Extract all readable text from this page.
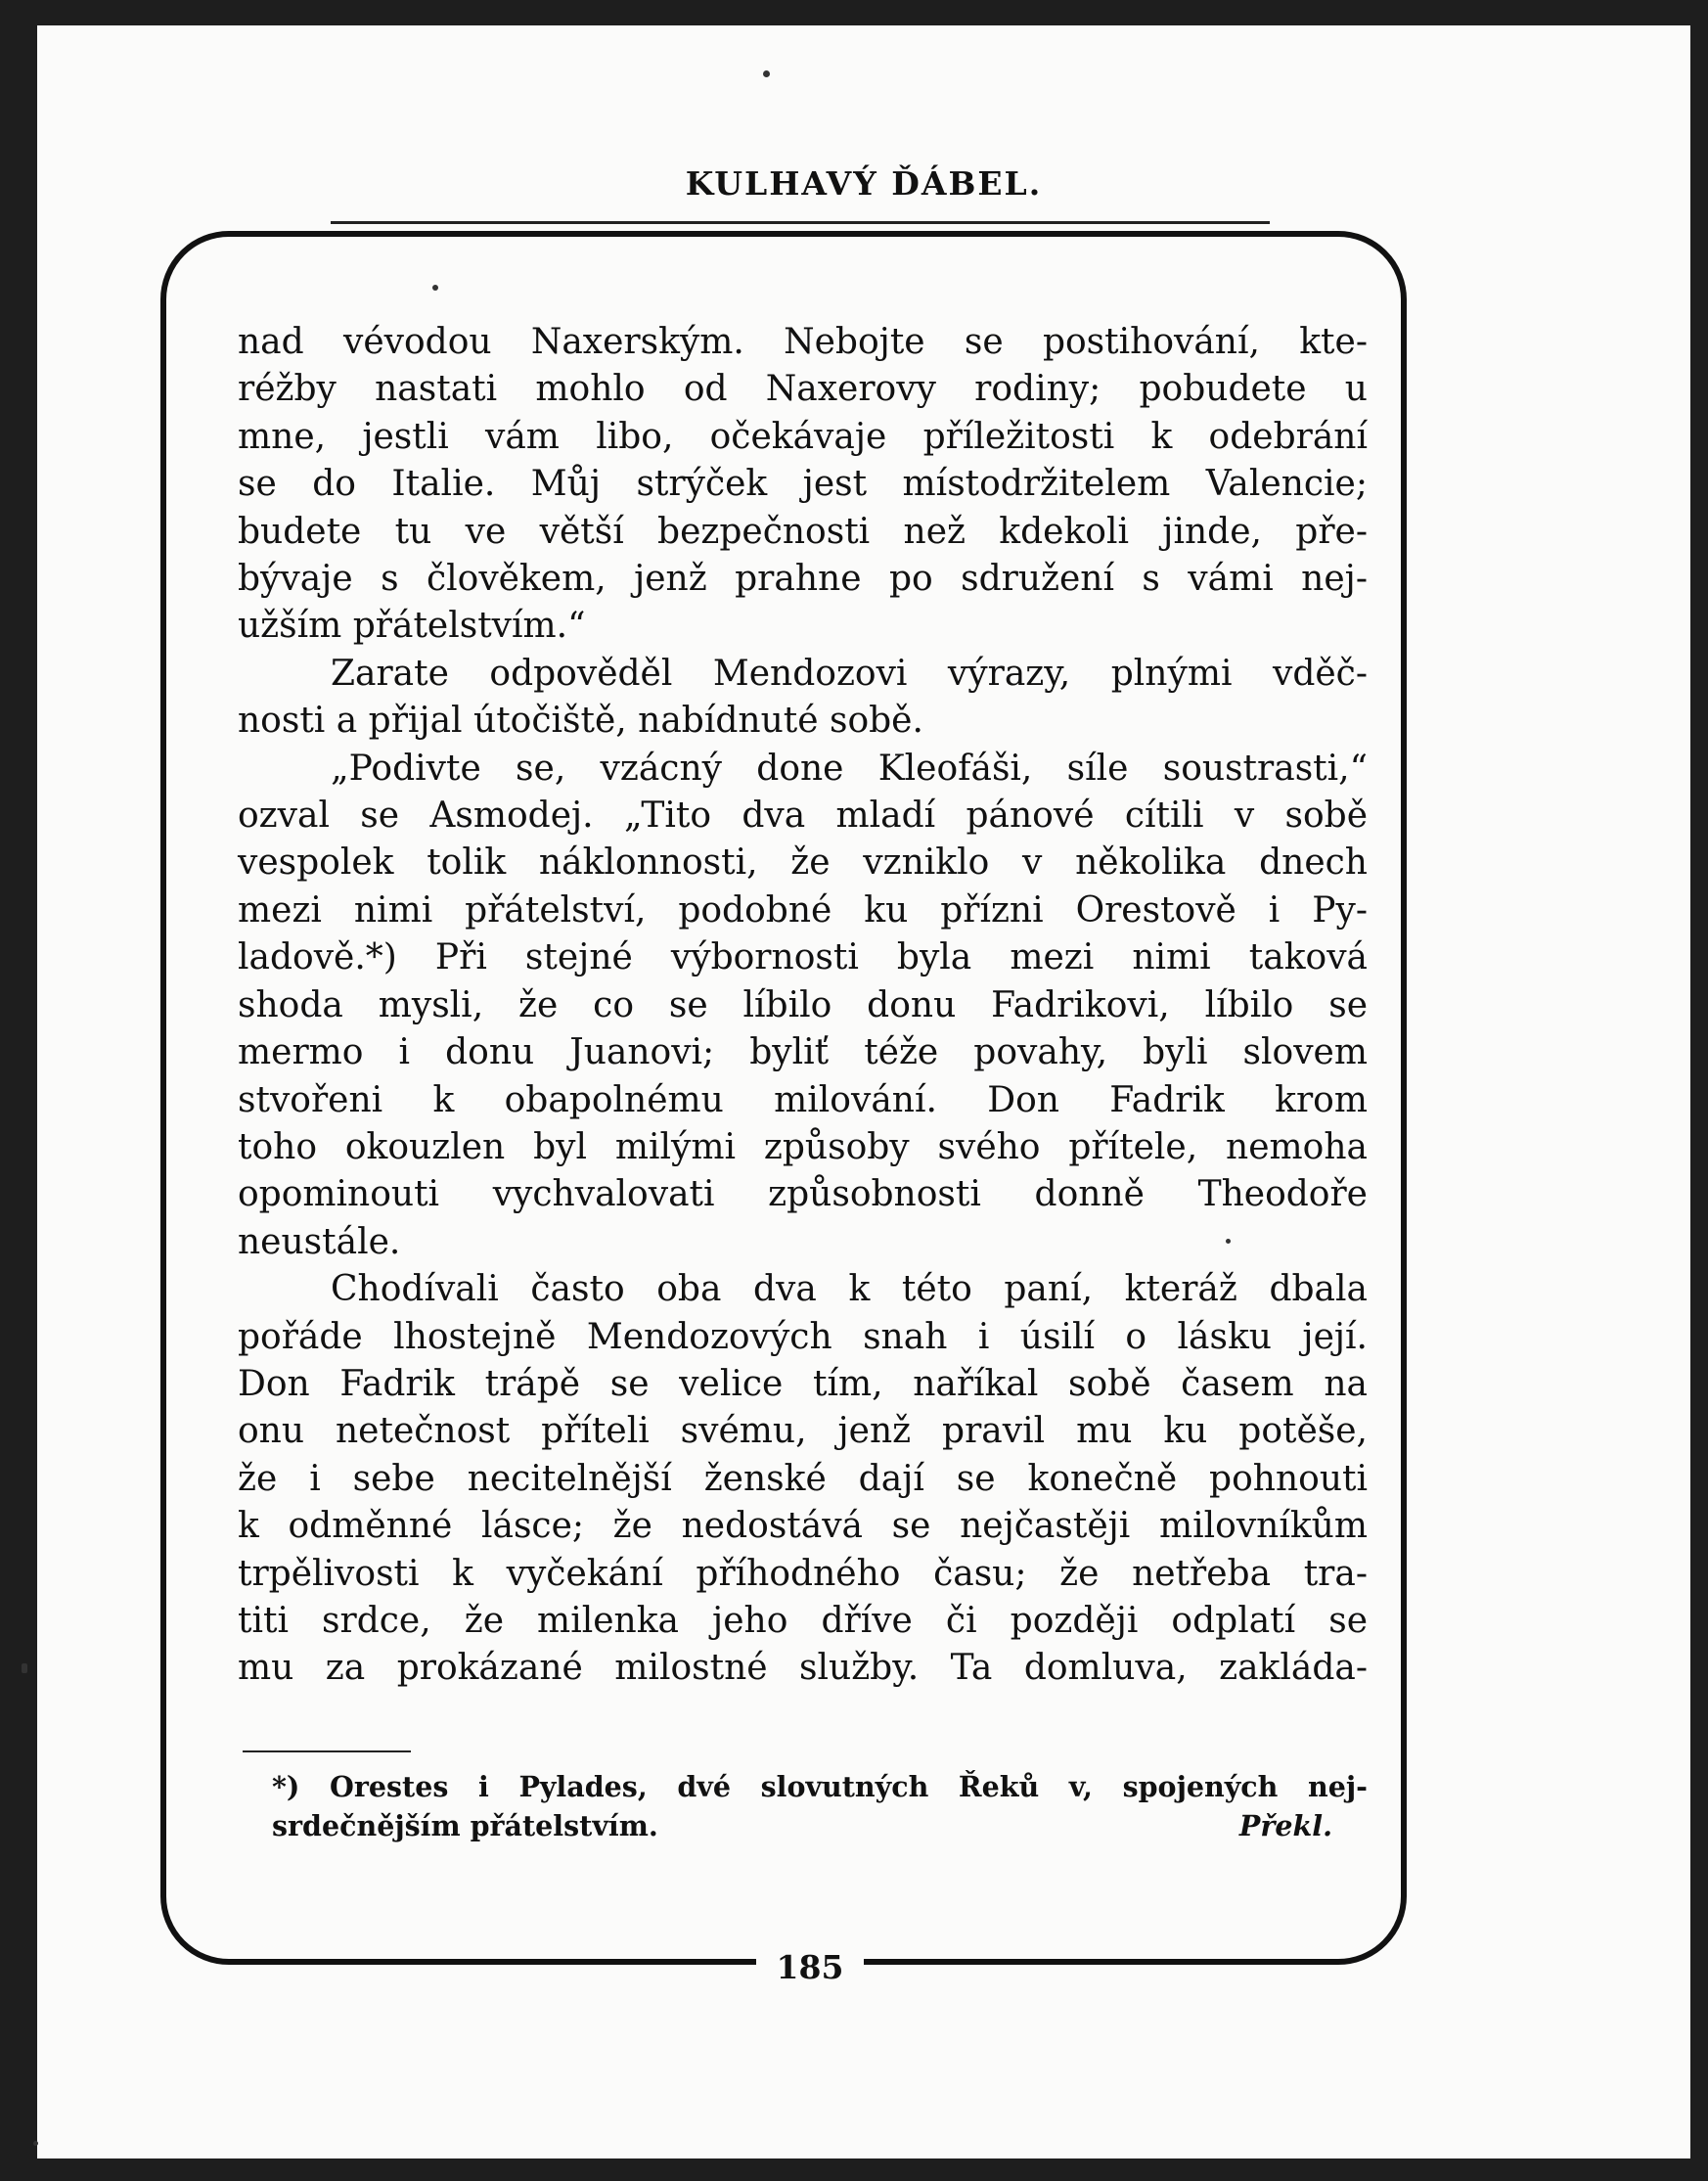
KULHAVÝ ĎÁBEL.
nad vévodou Naxerským. Nebojte se postihování, kte-
réžby nastati mohlo od Naxerovy rodiny; pobudete u
mne, jestli vám libo, očekávaje příležitosti k odebrání
se do Italie. Můj strýček jest místodržitelem Valencie;
budete tu ve větší bezpečnosti než kdekoli jinde, pře-
bývaje s člověkem, jenž prahne po sdružení s vámi nej-
užším přátelstvím.“
Zarate odpověděl Mendozovi výrazy, plnými vděč-
nosti a přijal útočiště, nabídnuté sobě.
„Podivte se, vzácný done Kleofáši, síle soustrasti,“
ozval se Asmodej. „Tito dva mladí pánové cítili v sobě
vespolek tolik náklonnosti, že vzniklo v několika dnech
mezi nimi přátelství, podobné ku přízni Orestově i Py-
ladově.*) Při stejné výbornosti byla mezi nimi taková
shoda mysli, že co se líbilo donu Fadrikovi, líbilo se
mermo i donu Juanovi; byliť téže povahy, byli slovem
stvořeni k obapolnému milování. Don Fadrik krom
toho okouzlen byl milými způsoby svého přítele, nemoha
opominouti vychvalovati způsobnosti donně Theodoře
neustále.
Chodívali často oba dva k této paní, kteráž dbala
pořáde lhostejně Mendozových snah i úsilí o lásku její.
Don Fadrik trápě se velice tím, naříkal sobě časem na
onu netečnost příteli svému, jenž pravil mu ku potěše,
že i sebe necitelnější ženské dají se konečně pohnouti
k odměnné lásce; že nedostává se nejčastěji milovníkům
trpělivosti k vyčekání příhodného času; že netřeba tra-
titi srdce, že milenka jeho dříve či později odplatí se
mu za prokázané milostné služby. Ta domluva, zakláda-
*) Orestes i Pylades, dvé slovutných Řeků v, spojených nej-
srdečnějším přátelstvím.	Překl.
185
